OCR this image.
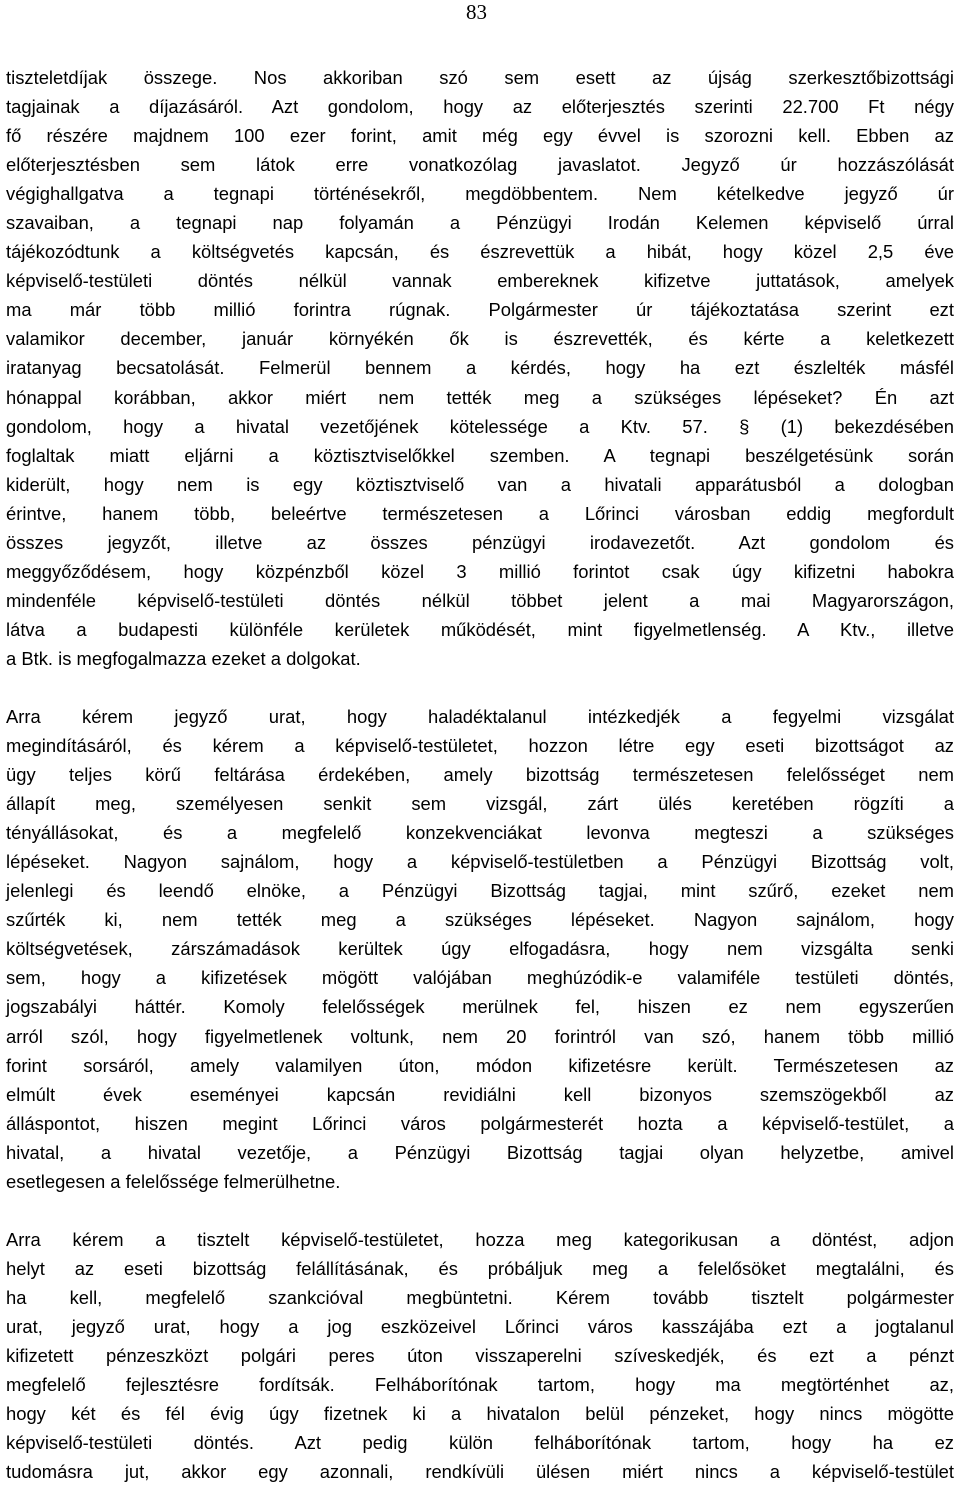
83
tiszteletdíjak összege. Nos akkoriban szó sem esett az újság szerkesztőbizottsági
tagjainak a díjazásáról. Azt gondolom, hogy az előterjesztés szerinti 22.700 Ft négy
fő részére majdnem 100 ezer forint, amit még egy évvel is szorozni kell. Ebben az
előterjesztésben sem látok erre vonatkozólag javaslatot. Jegyző úr hozzászólását
végighallgatva a tegnapi történésekről, megdöbbentem. Nem kételkedve jegyző úr
szavaiban, a tegnapi nap folyamán a Pénzügyi Irodán Kelemen képviselő úrral
tájékozódtunk a költségvetés kapcsán, és észrevettük a hibát, hogy közel 2,5 éve
képviselő-testületi döntés nélkül vannak embereknek kifizetve juttatások, amelyek
ma már több millió forintra rúgnak. Polgármester úr tájékoztatása szerint ezt
valamikor december, január környékén ők is észrevették, és kérte a keletkezett
iratanyag becsatolását. Felmerül bennem a kérdés, hogy ha ezt észlelték másfél
hónappal korábban, akkor miért nem tették meg a szükséges lépéseket? Én azt
gondolom, hogy a hivatal vezetőjének kötelessége a Ktv. 57. § (1) bekezdésében
foglaltak miatt eljárni a köztisztviselőkkel szemben. A tegnapi beszélgetésünk során
kiderült, hogy nem is egy köztisztviselő van a hivatali apparátusból a dologban
érintve, hanem több, beleértve természetesen a Lőrinci városban eddig megfordult
összes jegyzőt, illetve az összes pénzügyi irodavezetőt. Azt gondolom és
meggyőződésem, hogy közpénzből közel 3 millió forintot csak úgy kifizetni habokra
mindenféle képviselő-testületi döntés nélkül többet jelent a mai Magyarországon,
látva a budapesti különféle kerületek működését, mint figyelmetlenség. A Ktv., illetve
a Btk. is megfogalmazza ezeket a dolgokat.
Arra kérem jegyző urat, hogy haladéktalanul intézkedjék a fegyelmi vizsgálat
megindításáról, és kérem a képviselő-testületet, hozzon létre egy eseti bizottságot az
ügy teljes körű feltárása érdekében, amely bizottság természetesen felelősséget nem
állapít meg, személyesen senkit sem vizsgál, zárt ülés keretében rögzíti a
tényállásokat, és a megfelelő konzekvenciákat levonva megteszi a szükséges
lépéseket. Nagyon sajnálom, hogy a képviselő-testületben a Pénzügyi Bizottság volt,
jelenlegi és leendő elnöke, a Pénzügyi Bizottság tagjai, mint szűrő, ezeket nem
szűrték ki, nem tették meg a szükséges lépéseket. Nagyon sajnálom, hogy
költségvetések, zárszámadások kerültek úgy elfogadásra, hogy nem vizsgálta senki
sem, hogy a kifizetések mögött valójában meghúzódik-e valamiféle testületi döntés,
jogszabályi háttér. Komoly felelősségek merülnek fel, hiszen ez nem egyszerűen
arról szól, hogy figyelmetlenek voltunk, nem 20 forintról van szó, hanem több millió
forint sorsáról, amely valamilyen úton, módon kifizetésre került. Természetesen az
elmúlt évek eseményei kapcsán revidiálni kell bizonyos szemszögekből az
álláspontot, hiszen megint Lőrinci város polgármesterét hozta a képviselő-testület, a
hivatal, a hivatal vezetője, a Pénzügyi Bizottság tagjai olyan helyzetbe, amivel
esetlegesen a felelőssége felmerülhetne.
Arra kérem a tisztelt képviselő-testületet, hozza meg kategorikusan a döntést, adjon
helyt az eseti bizottság felállításának, és próbáljuk meg a felelősöket megtalálni, és
ha kell, megfelelő szankcióval megbüntetni. Kérem tovább tisztelt polgármester
urat, jegyző urat, hogy a jog eszközeivel Lőrinci város kasszájába ezt a jogtalanul
kifizetett pénzeszközt polgári peres úton visszaperelni szíveskedjék, és ezt a pénzt
megfelelő fejlesztésre fordítsák. Felháborítónak tartom, hogy ma megtörténhet az,
hogy két és fél évig úgy fizetnek ki a hivatalon belül pénzeket, hogy nincs mögötte
képviselő-testületi döntés. Azt pedig külön felháborítónak tartom, hogy ha ez
tudomásra jut, akkor egy azonnali, rendkívüli ülésen miért nincs a képviselő-testület
